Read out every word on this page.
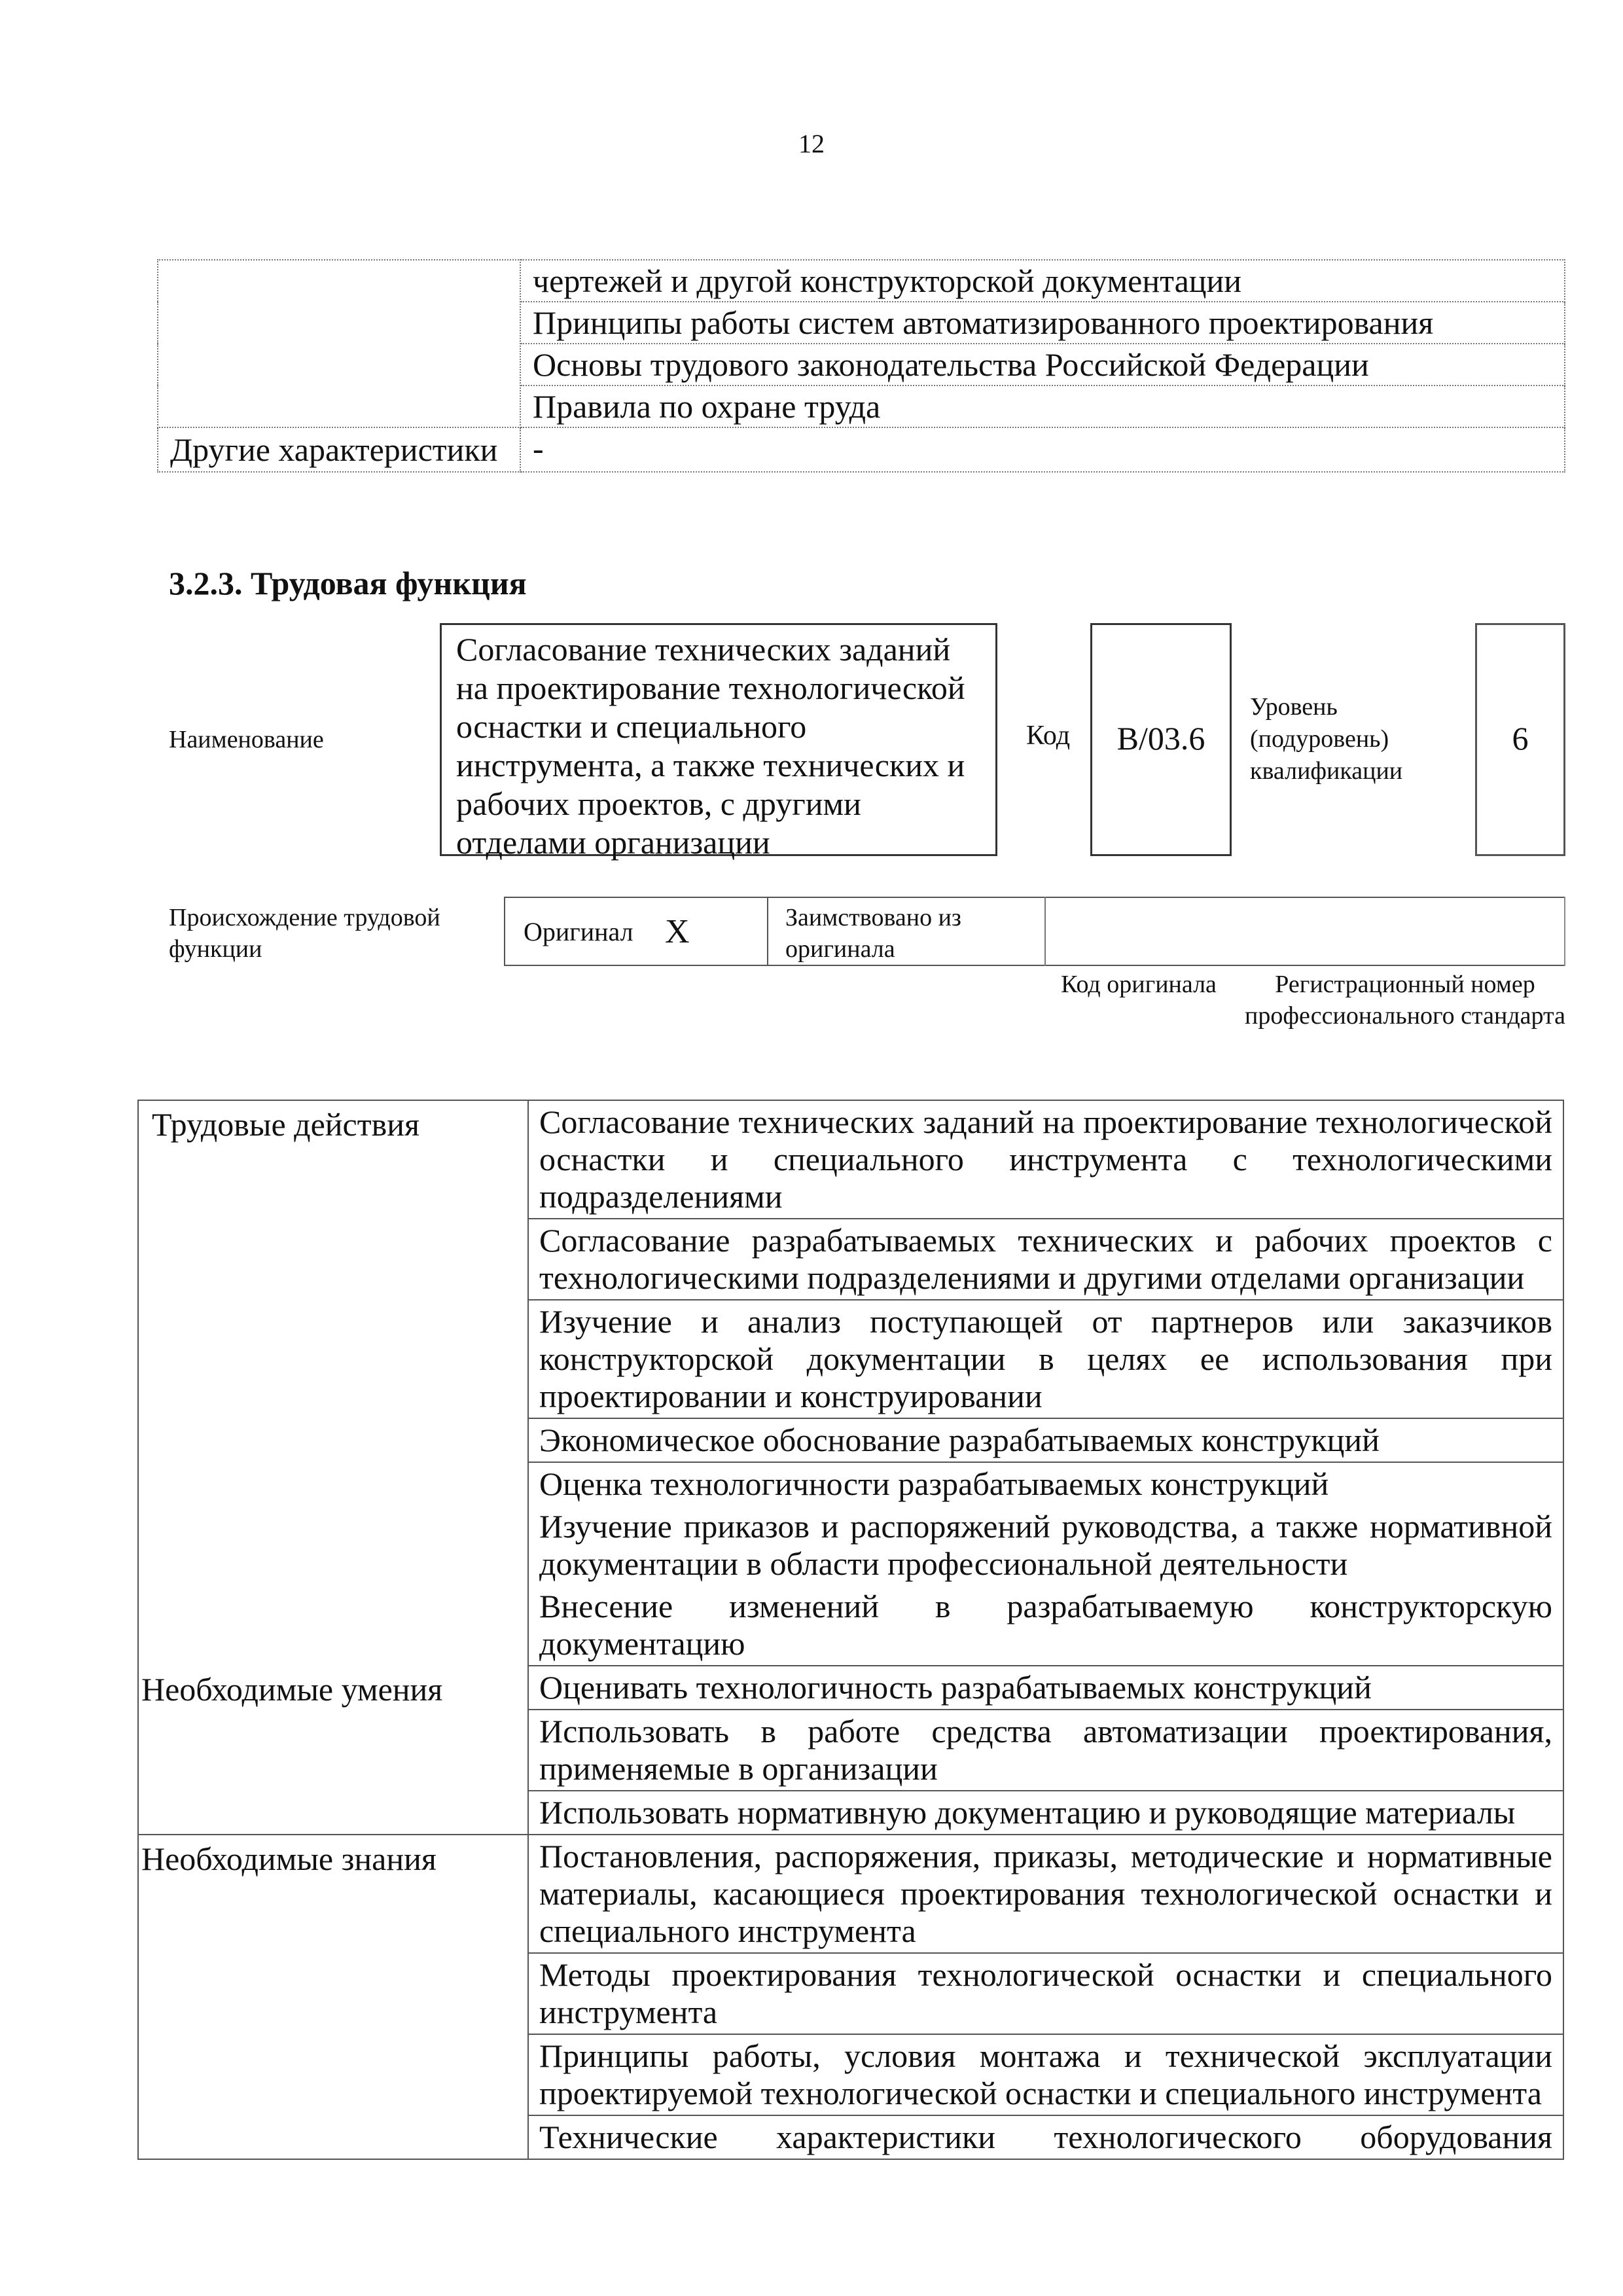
12
	чертежей и другой конструкторской документации
	Принципы работы систем автоматизированного проектирования
	Основы трудового законодательства Российской Федерации
	Правила по охране труда
Другие характеристики	-
3.2.3. Трудовая функция
Наименование
Согласование технических заданий на проектирование технологической оснастки и специального инструмента, а также технических и рабочих проектов, с другими отделами организации
Код	В/03.6
Уровень (подуровень) квалификации
6
Происхождение трудовой функции
Оригинал X	Заимствовано из оригинала
Код оригинала	Регистрационный номер профессионального стандарта
Трудовые действия	Согласование технических заданий на проектирование технологической оснастки и специального инструмента с технологическими подразделениями
	Согласование разрабатываемых технических и рабочих проектов с технологическими подразделениями и другими отделами организации
	Изучение и анализ поступающей от партнеров или заказчиков конструкторской документации в целях ее использования при проектировании и конструировании
	Экономическое обоснование разрабатываемых конструкций
	Оценка технологичности разрабатываемых конструкций
	Изучение приказов и распоряжений руководства, а также нормативной документации в области профессиональной деятельности
	Внесение изменений в разрабатываемую конструкторскую документацию
Необходимые умения	Оценивать технологичность разрабатываемых конструкций
	Использовать в работе средства автоматизации проектирования, применяемые в организации
	Использовать нормативную документацию и руководящие материалы
Необходимые знания	Постановления, распоряжения, приказы, методические и нормативные материалы, касающиеся проектирования технологической оснастки и специального инструмента
	Методы проектирования технологической оснастки и специального инструмента
	Принципы работы, условия монтажа и технической эксплуатации проектируемой технологической оснастки и специального инструмента
	Технические характеристики технологического оборудования
